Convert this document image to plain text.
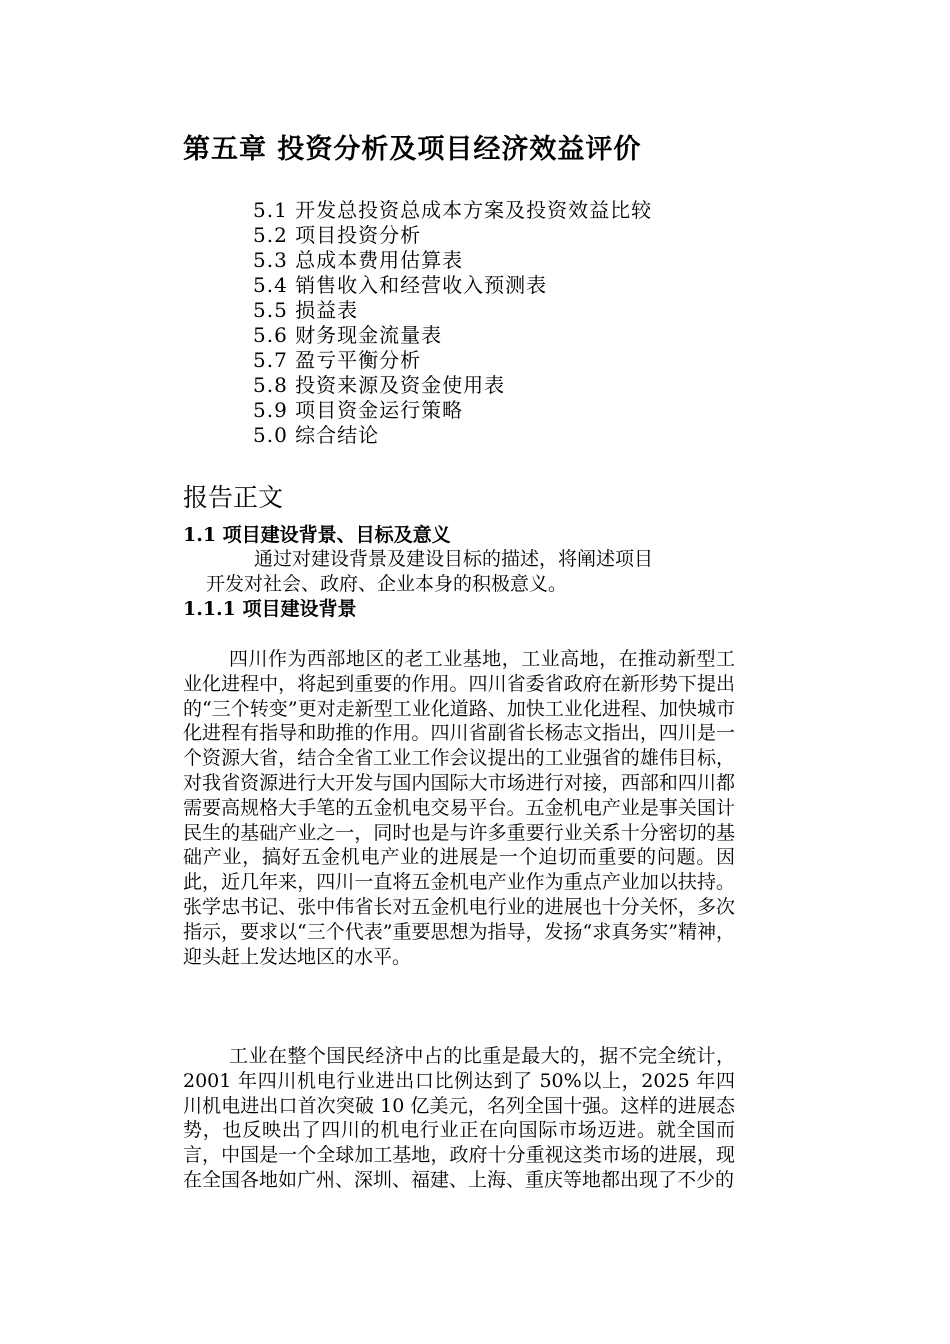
第五章 投资分析及项目经济效益评价
5.1 开发总投资总成本方案及投资效益比较
5.2 项目投资分析
5.3 总成本费用估算表
5.4 销售收入和经营收入预测表
5.5 损益表
5.6 财务现金流量表
5.7 盈亏平衡分析
5.8 投资来源及资金使用表
5.9 项目资金运行策略
5.0 综合结论
报告正文
1.1 项目建设背景、目标及意义
通过对建设背景及建设目标的描述，将阐述项目
开发对社会、政府、企业本身的积极意义。
1.1.1 项目建设背景

四川作为西部地区的老工业基地，工业高地，在推动新型工业化进程中，将起到重要的作用。四川省委省政府在新形势下提出的“三个转变”更对走新型工业化道路、加快工业化进程、加快城市化进程有指导和助推的作用。四川省副省长杨志文指出，四川是一个资源大省，结合全省工业工作会议提出的工业强省的雄伟目标，对我省资源进行大开发与国内国际大市场进行对接，西部和四川都需要高规格大手笔的五金机电交易平台。五金机电产业是事关国计民生的基础产业之一，同时也是与许多重要行业关系十分密切的基础产业，搞好五金机电产业的进展是一个迫切而重要的问题。因此，近几年来，四川一直将五金机电产业作为重点产业加以扶持。张学忠书记、张中伟省长对五金机电行业的进展也十分关怀，多次指示，要求以“三个代表”重要思想为指导，发扬“求真务实”精神，迎头赶上发达地区的水平。

工业在整个国民经济中占的比重是最大的，据不完全统计，2001 年四川机电行业进出口比例达到了 50%以上，2025 年四川机电进出口首次突破 10 亿美元，名列全国十强。这样的进展态势，也反映出了四川的机电行业正在向国际市场迈进。就全国而言，中国是一个全球加工基地，政府十分重视这类市场的进展，现在全国各地如广州、深圳、福建、上海、重庆等地都出现了不少的
